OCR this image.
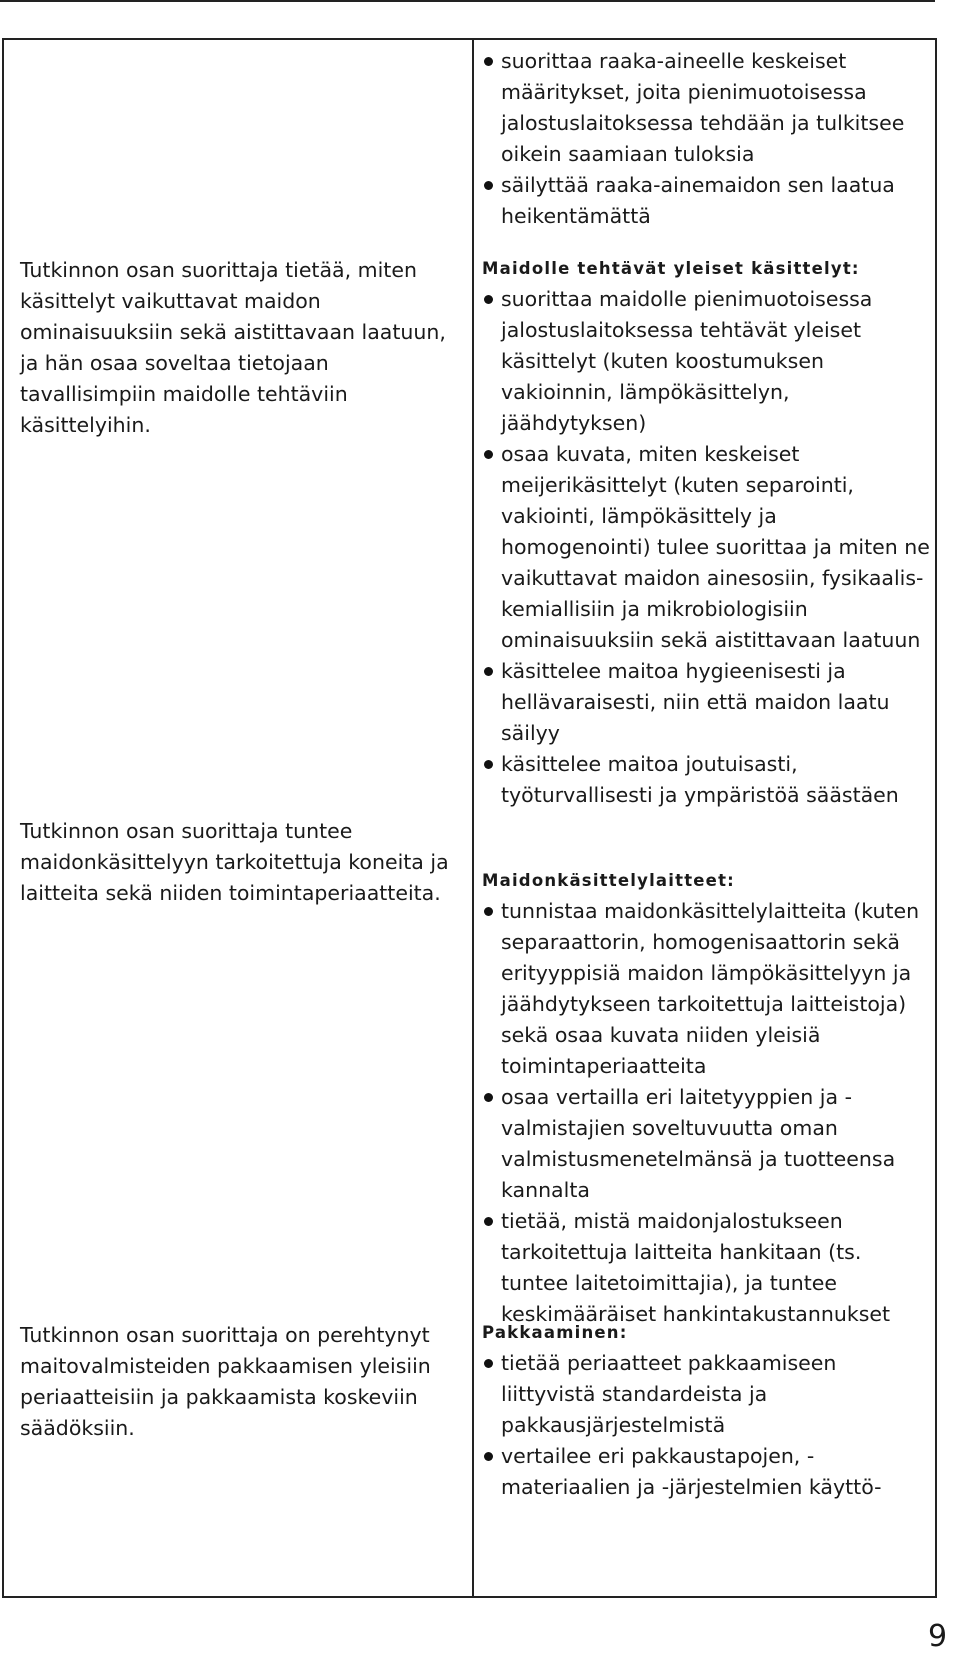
Tutkinnon osan suorittaja tietää, miten käsittelyt vaikuttavat maidon ominaisuuksiin sekä aistittavaan laatuun, ja hän osaa soveltaa tietojaan tavallisimpiin maidolle tehtäviin käsittelyihin.

Tutkinnon osan suorittaja tuntee maidonkäsittelyyn tarkoitettuja koneita ja laitteita sekä niiden toimintaperiaatteita.

Tutkinnon osan suorittaja on perehtynyt maitovalmisteiden pakkaamisen yleisiin periaatteisiin ja pakkaamista koskeviin säädöksiin.

suorittaa raaka-aineelle keskeiset määritykset, joita pienimuotoisessa jalostuslaitoksessa tehdään ja tulkitsee oikein saamiaan tuloksia
säilyttää raaka-ainemaidon sen laatua heikentämättä

Maidolle tehtävät yleiset käsittelyt:

suorittaa maidolle pienimuotoisessa jalostuslaitoksessa tehtävät yleiset käsittelyt (kuten koostumuksen vakioinnin, lämpökäsittelyn, jäähdytyksen)
osaa kuvata, miten keskeiset meijerikäsittelyt (kuten separointi, vakiointi, lämpökäsittely ja homogenointi) tulee suorittaa ja miten ne vaikuttavat maidon ainesosiin, fysikaalis-kemiallisiin ja mikrobiologisiin ominaisuuksiin sekä aistittavaan laatuun
käsittelee maitoa hygieenisesti ja hellävaraisesti, niin että maidon laatu säilyy
käsittelee maitoa joutuisasti, työturvallisesti ja ympäristöä säästäen

Maidonkäsittelylaitteet:

tunnistaa maidonkäsittelylaitteita (kuten separaattorin, homogenisaattorin sekä erityyppisiä maidon lämpökäsittelyyn ja jäähdytykseen tarkoitettuja laitteistoja) sekä osaa kuvata niiden yleisiä toimintaperiaatteita
osaa vertailla eri laitetyyppien ja -valmistajien soveltuvuutta oman valmistusmenetelmänsä ja tuotteensa kannalta
tietää, mistä maidonjalostukseen tarkoitettuja laitteita hankitaan (ts. tuntee laitetoimittajia), ja tuntee keskimääräiset hankintakustannukset

Pakkaaminen:

tietää periaatteet pakkaamiseen liittyvistä standardeista ja pakkausjärjestelmistä
vertailee eri pakkaustapojen, -materiaalien ja -järjestelmien käyttö-
9
